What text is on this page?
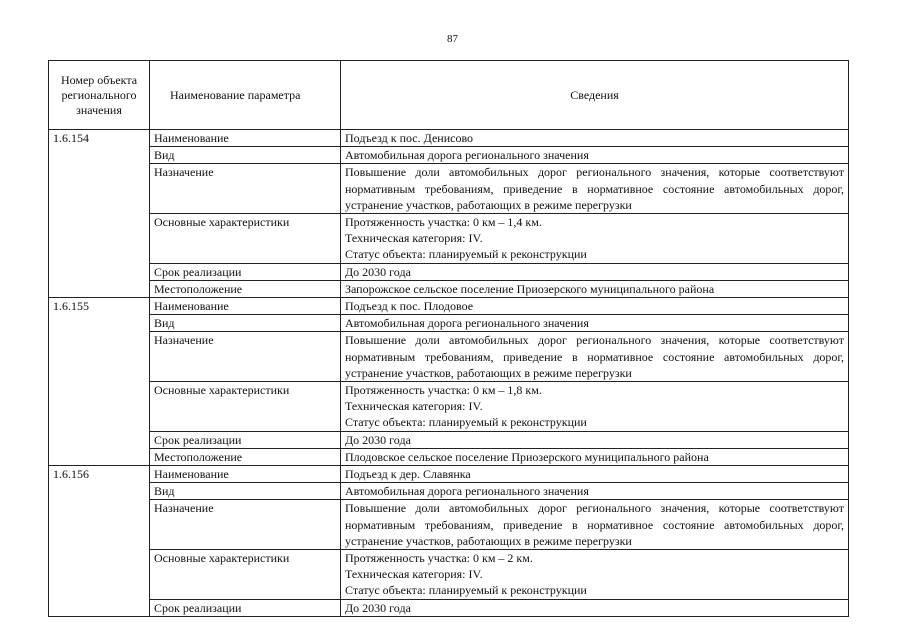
87
Номер объекта регионального значения	Наименование параметра	Сведения
1.6.154	Наименование	Подъезд к пос. Денисово
	Вид	Автомобильная дорога регионального значения
	Назначение	Повышение доли автомобильных дорог регионального значения, которые соответствуют нормативным требованиям, приведение в нормативное состояние автомобильных дорог, устранение участков, работающих в режиме перегрузки
	Основные характеристики	Протяженность участка: 0 км – 1,4 км.
Техническая категория: IV.
Статус объекта: планируемый к реконструкции

	Срок реализации	До 2030 года
	Местоположение	Запорожское сельское поселение Приозерского муниципального района
1.6.155	Наименование	Подъезд к пос. Плодовое
	Вид	Автомобильная дорога регионального значения
	Назначение	Повышение доли автомобильных дорог регионального значения, которые соответствуют нормативным требованиям, приведение в нормативное состояние автомобильных дорог, устранение участков, работающих в режиме перегрузки
	Основные характеристики	Протяженность участка: 0 км – 1,8 км.
Техническая категория: IV.
Статус объекта: планируемый к реконструкции

	Срок реализации	До 2030 года
	Местоположение	Плодовское сельское поселение Приозерского муниципального района
1.6.156	Наименование	Подъезд к дер. Славянка
	Вид	Автомобильная дорога регионального значения
	Назначение	Повышение доли автомобильных дорог регионального значения, которые соответствуют нормативным требованиям, приведение в нормативное состояние автомобильных дорог, устранение участков, работающих в режиме перегрузки
	Основные характеристики	Протяженность участка: 0 км – 2 км.
Техническая категория: IV.
Статус объекта: планируемый к реконструкции

	Срок реализации	До 2030 года
